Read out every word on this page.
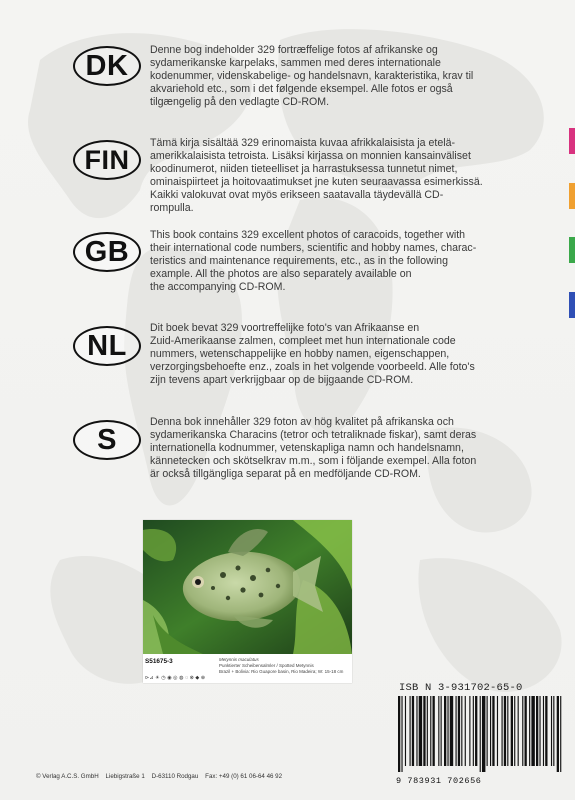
DK	Denne bog indeholder 329 fortræffelige fotos af afrikanske og
sydamerikanske karpelaks, sammen med deres internationale
kodenummer, videnskabelige- og handelsnavn, karakteristika, krav til
akvariehold etc., som i det følgende eksempel. Alle fotos er også
tilgængelig på den vedlagte CD-ROM.

FIN

Tämä kirja sisältää 329 erinomaista kuvaa afrikkalaisista ja etelä-
amerikkalaisista tetroista. Lisäksi kirjassa on monnien kansainväliset
koodinumerot, niiden tieteelliset ja harrastuksessa tunnetut nimet,
ominaispiirteet ja hoitovaatimukset jne kuten seuraavassa esimerkissä.
Kaikki valokuvat ovat myös erikseen saatavalla täydevällä CD-rompulla.

GB

This book contains 329 excellent photos of caracoids, together with
their international code numbers, scientific and hobby names, charac-
teristics and maintenance requirements, etc., as in the following
example. All the photos are also separately available on
the accompanying CD-ROM.

NL

Dit boek bevat 329 voortreffelijke foto's van Afrikaanse en
Zuid-Amerikaanse zalmen, compleet met hun internationale code
nummers, wetenschappelijke en hobby namen, eigenschappen,
verzorgingsbehoefte enz., zoals in het volgende voorbeeld. Alle foto's
zijn tevens apart verkrijgbaar op de bijgaande CD-ROM.

S

Denna bok innehåller 329 foton av hög kvalitet på afrikanska och
sydamerikanska Characins (tetror och tetraliknade fiskar), samt deras
internationella kodnummer, vetenskapliga namn och handelsnamn,
kännetecken och skötselkrav m.m., som i följande exempel. Alla foton
är också tillgängliga separat på en medföljande CD-ROM.

S51675-3	Metynnis maculatus
Punktierter Scheibensalmler / Spotted Metynnis
Brazil + Bolivia: Rio Guapore basin, Rio Madeira; W: 15-18 cm
⊳⊿ ☀ ◷ ◉ ◎ ◍ ◌ ⊗ ◆ ⊕
ISB N 3-931702-65-0
9 783931 702656
© Verlag A.C.S. GmbH    Liebigstraße 1    D-63110 Rodgau    Fax: +49 (0) 61 06-64 46 92
